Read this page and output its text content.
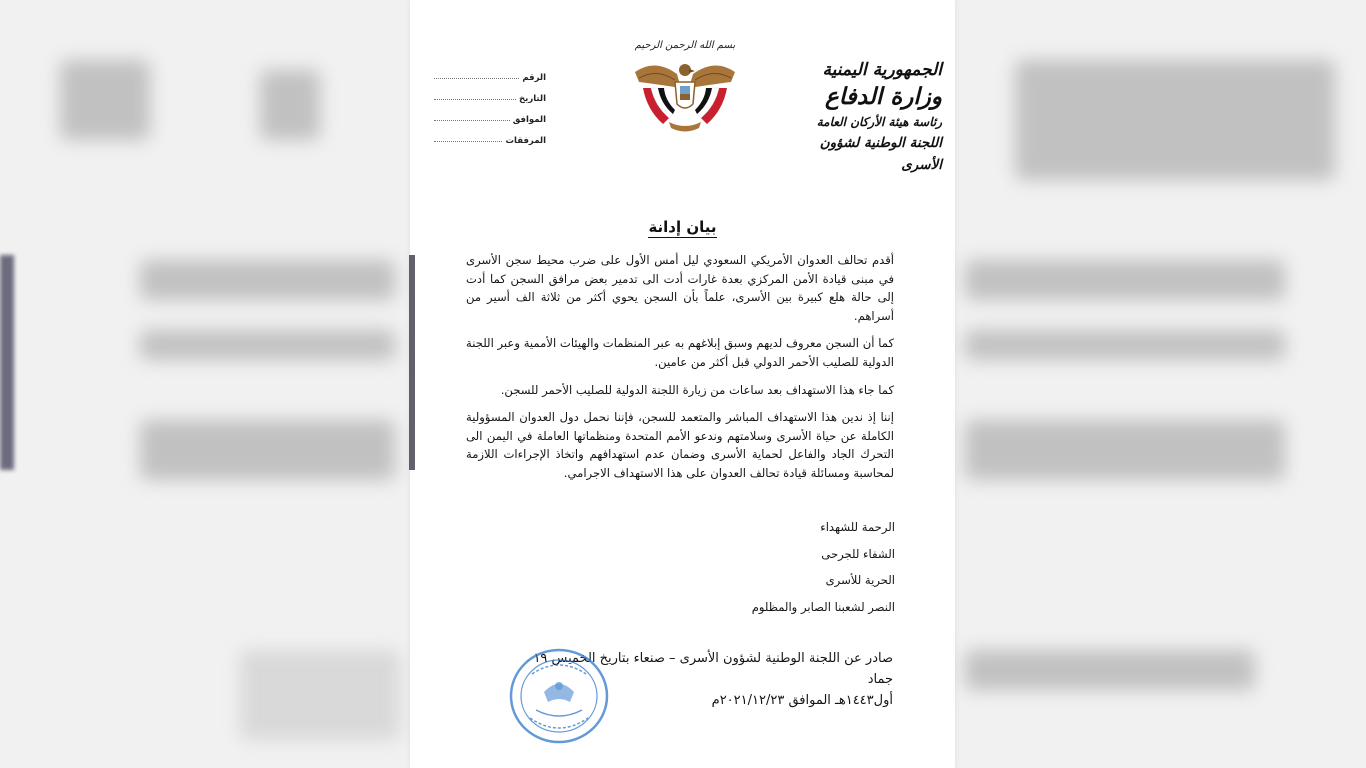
الجمهورية اليمنية
وزارة الدفاع
رئاسة هيئة الأركان العامة
اللجنة الوطنية لشؤون الأسرى
بسم الله الرحمن الرحيم
الرقم
التاريخ
الموافق
المرفقات
بيان إدانة

أقدم تحالف العدوان الأمريكي السعودي ليل أمس الأول على ضرب محيط سجن الأسرى في مبنى قيادة الأمن المركزي بعدة غارات أدت الى تدمير بعض مرافق السجن كما أدت إلى حالة هلع كبيرة بين الأسرى، علماً بأن السجن يحوي أكثر من ثلاثة الف أسير من أسراهم.

كما أن السجن معروف لديهم وسبق إبلاغهم به عبر المنظمات والهيئات الأممية وعبر اللجنة الدولية للصليب الأحمر الدولي قبل أكثر من عامين.

كما جاء هذا الاستهداف بعد ساعات من زيارة اللجنة الدولية للصليب الأحمر للسجن.

إننا إذ ندين هذا الاستهداف المباشر والمتعمد للسجن، فإننا نحمل دول العدوان المسؤولية الكاملة عن حياة الأسرى وسلامتهم وندعو الأمم المتحدة ومنظماتها العاملة في اليمن الى التحرك الجاد والفاعل لحماية الأسرى وضمان عدم استهدافهم واتخاذ الإجراءات اللازمة لمحاسبة ومسائلة قيادة تحالف العدوان على هذا الاستهداف الاجرامي.

الرحمة للشهداء
الشفاء للجرحى
الحرية للأسرى
النصر لشعبنا الصابر والمظلوم
صادر عن اللجنة الوطنية لشؤون الأسرى – صنعاء بتاريخ الخميس ١٩ جماد
أول١٤٤٣هـ الموافق ٢٠٢١/١٢/٢٣م
